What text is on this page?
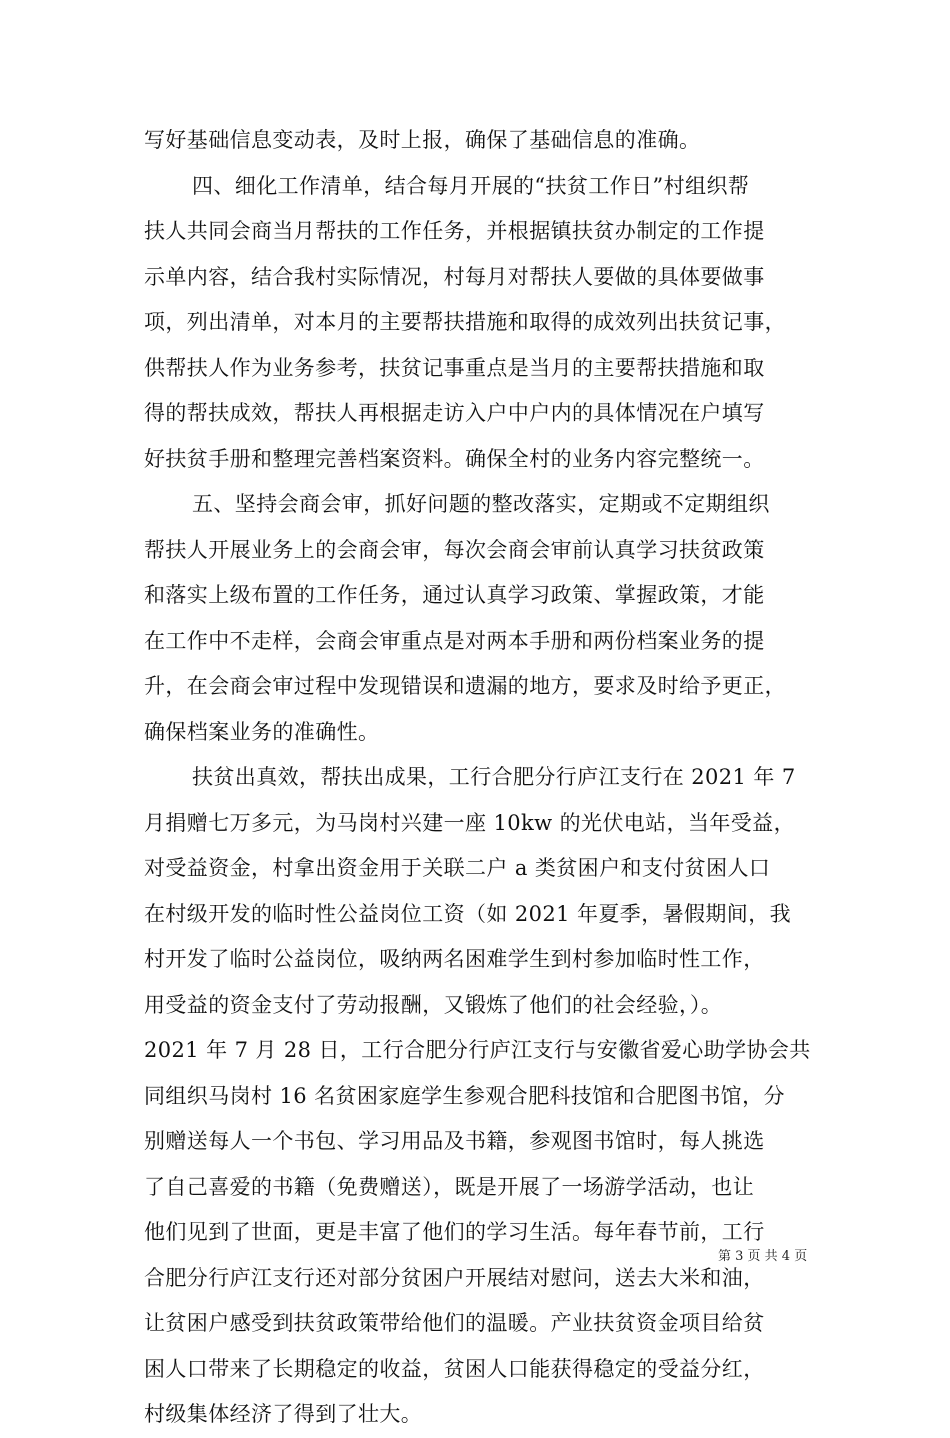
写好基础信息变动表，及时上报，确保了基础信息的准确。
四、细化工作清单，结合每月开展的“扶贫工作日”村组织帮
扶人共同会商当月帮扶的工作任务，并根据镇扶贫办制定的工作提
示单内容，结合我村实际情况，村每月对帮扶人要做的具体要做事
项，列出清单，对本月的主要帮扶措施和取得的成效列出扶贫记事，
供帮扶人作为业务参考，扶贫记事重点是当月的主要帮扶措施和取
得的帮扶成效，帮扶人再根据走访入户中户内的具体情况在户填写
好扶贫手册和整理完善档案资料。确保全村的业务内容完整统一。
五、坚持会商会审，抓好问题的整改落实，定期或不定期组织
帮扶人开展业务上的会商会审，每次会商会审前认真学习扶贫政策
和落实上级布置的工作任务，通过认真学习政策、掌握政策，才能
在工作中不走样，会商会审重点是对两本手册和两份档案业务的提
升，在会商会审过程中发现错误和遗漏的地方，要求及时给予更正，
确保档案业务的准确性。
扶贫出真效，帮扶出成果，工行合肥分行庐江支行在 2021 年 7
月捐赠七万多元，为马岗村兴建一座 10kw 的光伏电站，当年受益，
对受益资金，村拿出资金用于关联二户 a 类贫困户和支付贫困人口
在村级开发的临时性公益岗位工资（如 2021 年夏季，暑假期间，我
村开发了临时公益岗位，吸纳两名困难学生到村参加临时性工作，
用受益的资金支付了劳动报酬，又锻炼了他们的社会经验，）。
2021 年 7 月 28 日，工行合肥分行庐江支行与安徽省爱心助学协会共
同组织马岗村 16 名贫困家庭学生参观合肥科技馆和合肥图书馆，分
别赠送每人一个书包、学习用品及书籍，参观图书馆时，每人挑选
了自己喜爱的书籍（免费赠送），既是开展了一场游学活动，也让
他们见到了世面，更是丰富了他们的学习生活。每年春节前，工行
合肥分行庐江支行还对部分贫困户开展结对慰问，送去大米和油，
让贫困户感受到扶贫政策带给他们的温暖。产业扶贫资金项目给贫
困人口带来了长期稳定的收益，贫困人口能获得稳定的受益分红，
村级集体经济了得到了壮大。
第 3 页 共 4 页
